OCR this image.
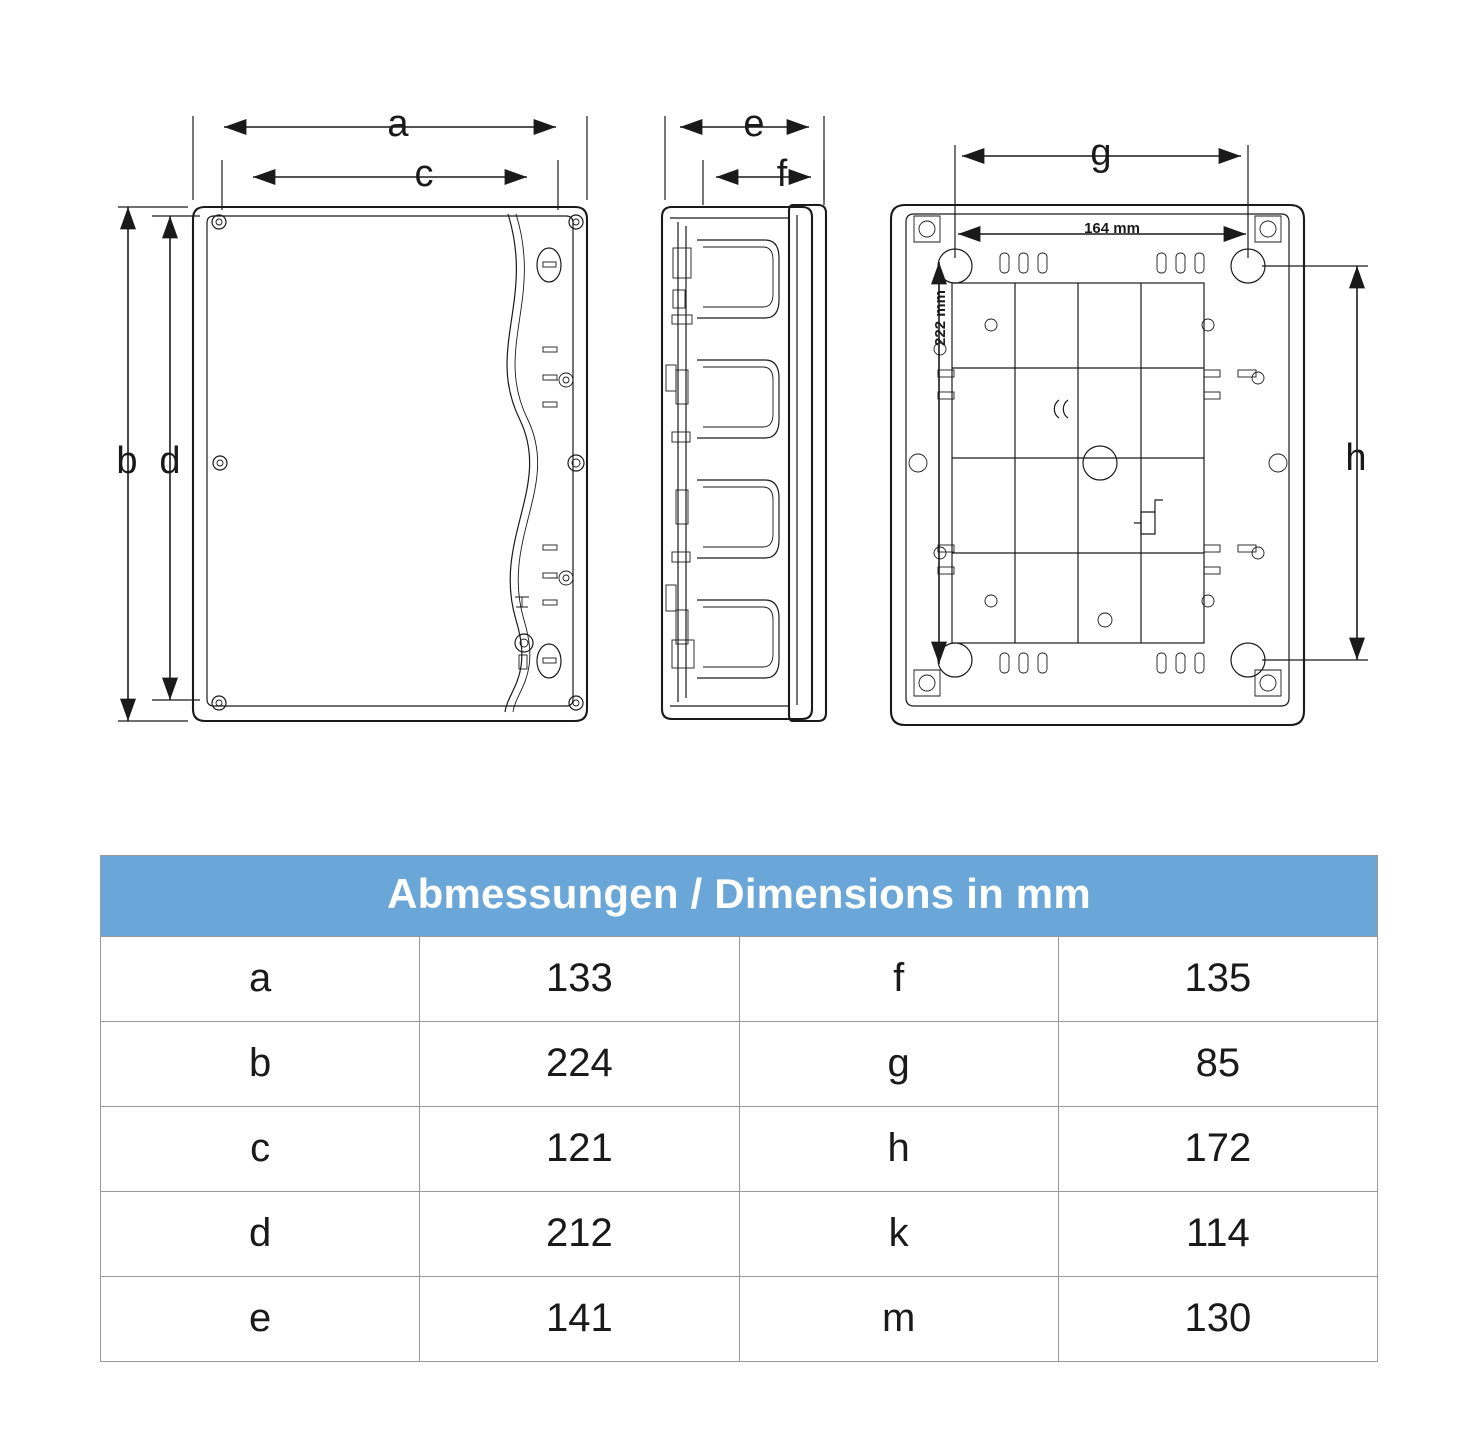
a
c
b d
e
f
164 mm
222 mm
g
h
Abmessungen / Dimensions in mm			
a	133	f	135
b	224	g	85
c	121	h	172
d	212	k	114
e	141	m	130
